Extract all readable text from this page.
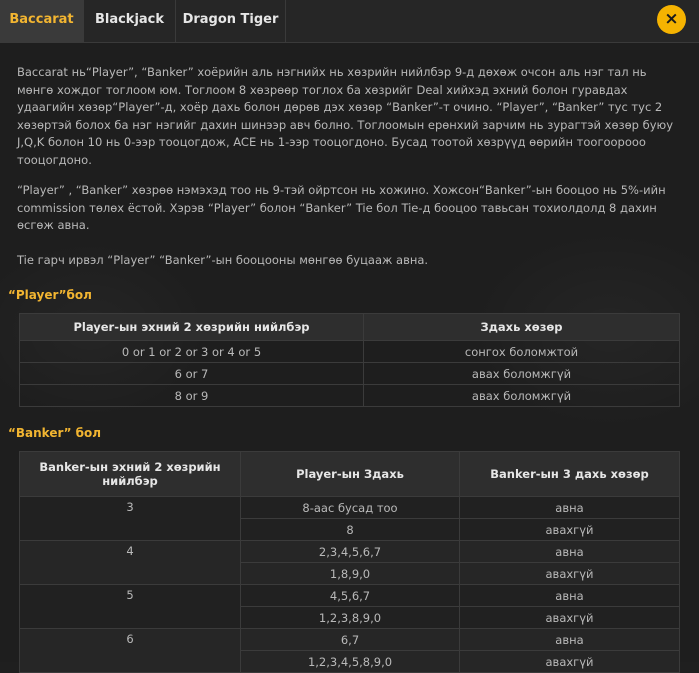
Baccarat	Blackjack	Dragon Tiger	×

Baccarat нь“Player”, “Banker” хоёрийн аль нэгнийх нь хөзрийн нийлбэр 9-д дөхөж очсон аль нэг тал нь мөнгө хождог тоглоом юм. Тоглоом 8 хөзрөөр тоглох ба хөзрийг Deal хийхэд эхний болон гуравдах удаагийн хөзөр“Player”-д, хоёр дахь болон дөрөв дэх хөзөр “Banker”-т очино. “Player”, “Banker” тус тус 2 хөзөртэй болох ба нэг нэгийг дахин шинээр авч болно. Тоглоомын ерөнхий зарчим нь зурагтэй хөзөр буюу J,Q,K болон 10 нь 0-ээр тооцогдож, ACE нь 1-ээр тооцогдоно. Бусад тоотой хөзрүүд өөрийн тоогоорооо тооцогдоно.

“Player” , “Banker” хөзрөө нэмэхэд тоо нь 9-тэй ойртсон нь хожино. Хожсон“Banker”-ын бооцоо нь 5%-ийн commission төлөх ёстой. Хэрэв “Player” болон “Banker” Tie бол Tie-д бооцоо тавьсан тохиолдолд 8 дахин өсгөж авна.

Tie гарч ирвэл “Player” “Banker”-ын бооцооны мөнгөө буцааж авна.

“Player”бол
Player-ын эхний 2 хөзрийн нийлбэр	Здахь хөзөр
0 or 1 or 2 or 3 or 4 or 5	сонгох боломжтой
6 or 7	авах боломжгүй
8 or 9	авах боломжгүй
“Banker” бол
Banker-ын эхний 2 хөзрийн нийлбэр	Player-ын Здахь	Banker-ын 3 дахь хөзөр
3	8-аас бусад тоо	авна
	8	авахгүй
4	2,3,4,5,6,7	авна
	1,8,9,0	авахгүй
5	4,5,6,7	авна
	1,2,3,8,9,0	авахгүй
6	6,7	авна
	1,2,3,4,5,8,9,0	авахгүй
